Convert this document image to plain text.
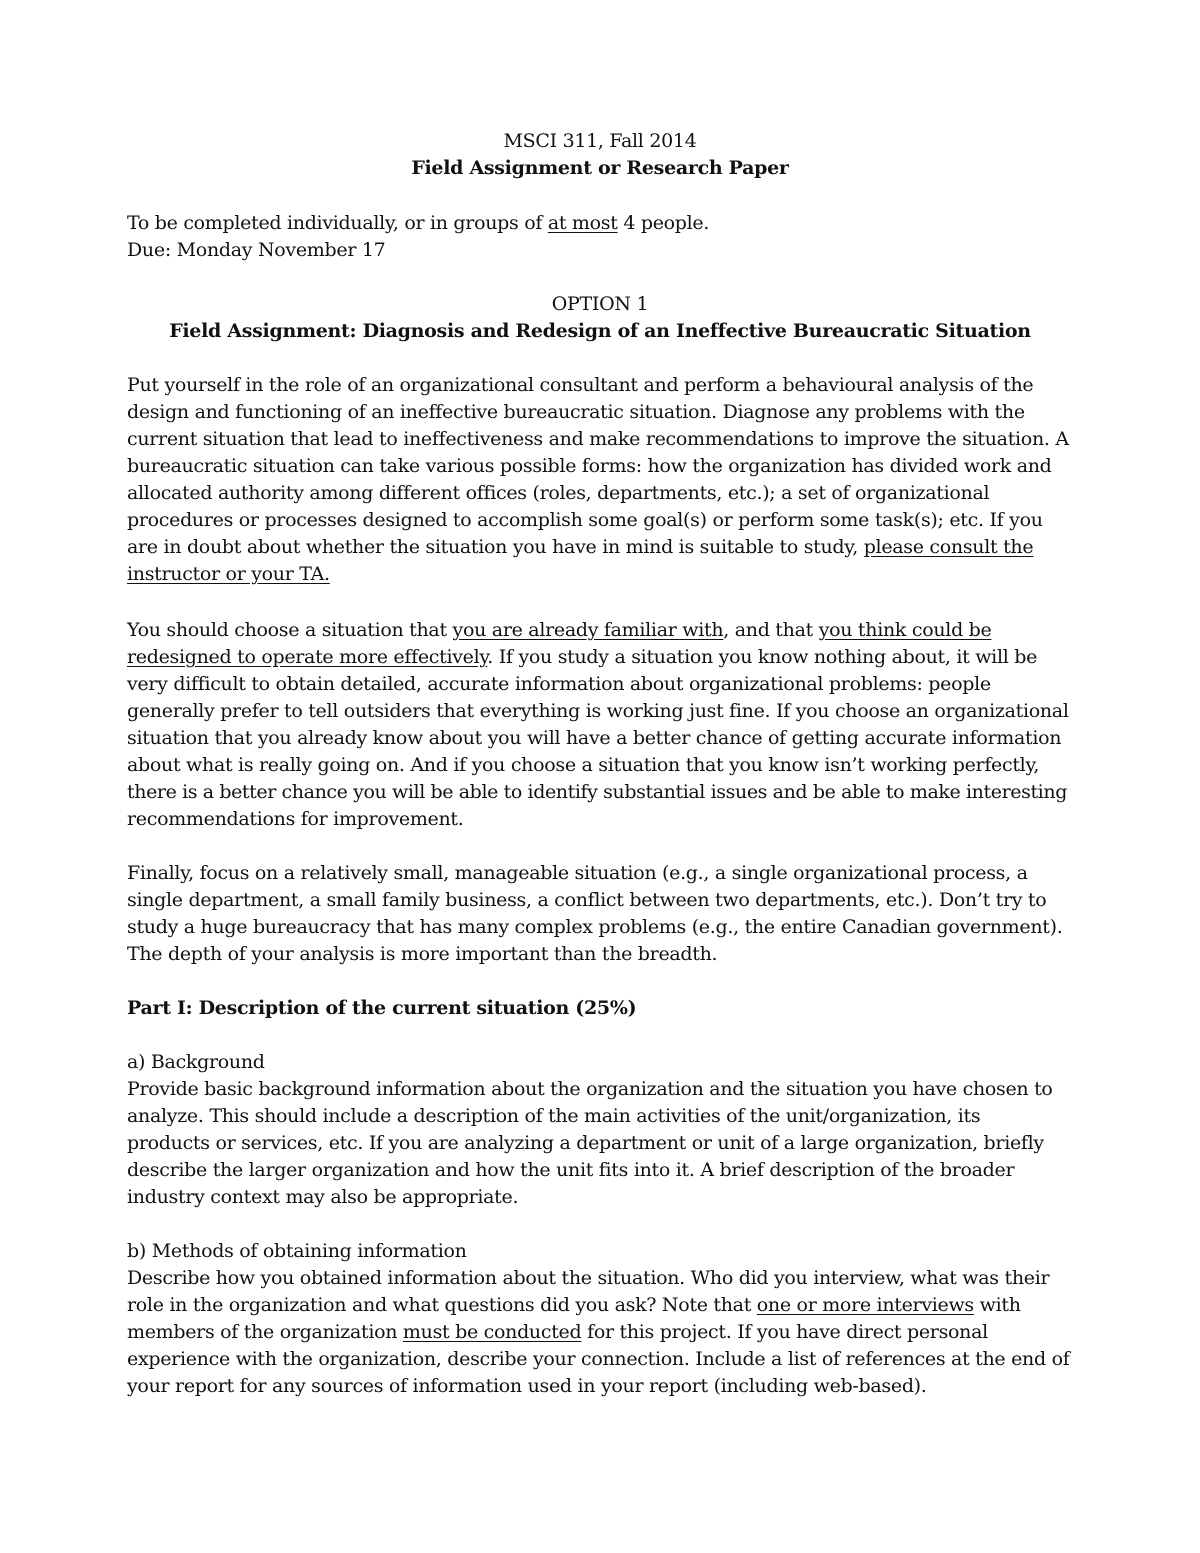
MSCI 311, Fall 2014
Field Assignment or Research Paper
To be completed individually, or in groups of at most 4 people.
Due: Monday November 17
OPTION 1
Field Assignment: Diagnosis and Redesign of an Ineffective Bureaucratic Situation
Put yourself in the role of an organizational consultant and perform a behavioural analysis of the
design and functioning of an ineffective bureaucratic situation. Diagnose any problems with the
current situation that lead to ineffectiveness and make recommendations to improve the situation. A
bureaucratic situation can take various possible forms: how the organization has divided work and
allocated authority among different offices (roles, departments, etc.); a set of organizational
procedures or processes designed to accomplish some goal(s) or perform some task(s); etc. If you
are in doubt about whether the situation you have in mind is suitable to study, please consult the
instructor or your TA.
You should choose a situation that you are already familiar with, and that you think could be
redesigned to operate more effectively. If you study a situation you know nothing about, it will be
very difficult to obtain detailed, accurate information about organizational problems: people
generally prefer to tell outsiders that everything is working just fine. If you choose an organizational
situation that you already know about you will have a better chance of getting accurate information
about what is really going on. And if you choose a situation that you know isn’t working perfectly,
there is a better chance you will be able to identify substantial issues and be able to make interesting
recommendations for improvement.
Finally, focus on a relatively small, manageable situation (e.g., a single organizational process, a
single department, a small family business, a conflict between two departments, etc.). Don’t try to
study a huge bureaucracy that has many complex problems (e.g., the entire Canadian government).
The depth of your analysis is more important than the breadth.
Part I: Description of the current situation (25%)
a) Background
Provide basic background information about the organization and the situation you have chosen to
analyze. This should include a description of the main activities of the unit/organization, its
products or services, etc. If you are analyzing a department or unit of a large organization, briefly
describe the larger organization and how the unit fits into it. A brief description of the broader
industry context may also be appropriate.
b) Methods of obtaining information
Describe how you obtained information about the situation. Who did you interview, what was their
role in the organization and what questions did you ask? Note that one or more interviews with
members of the organization must be conducted for this project. If you have direct personal
experience with the organization, describe your connection. Include a list of references at the end of
your report for any sources of information used in your report (including web-based).
